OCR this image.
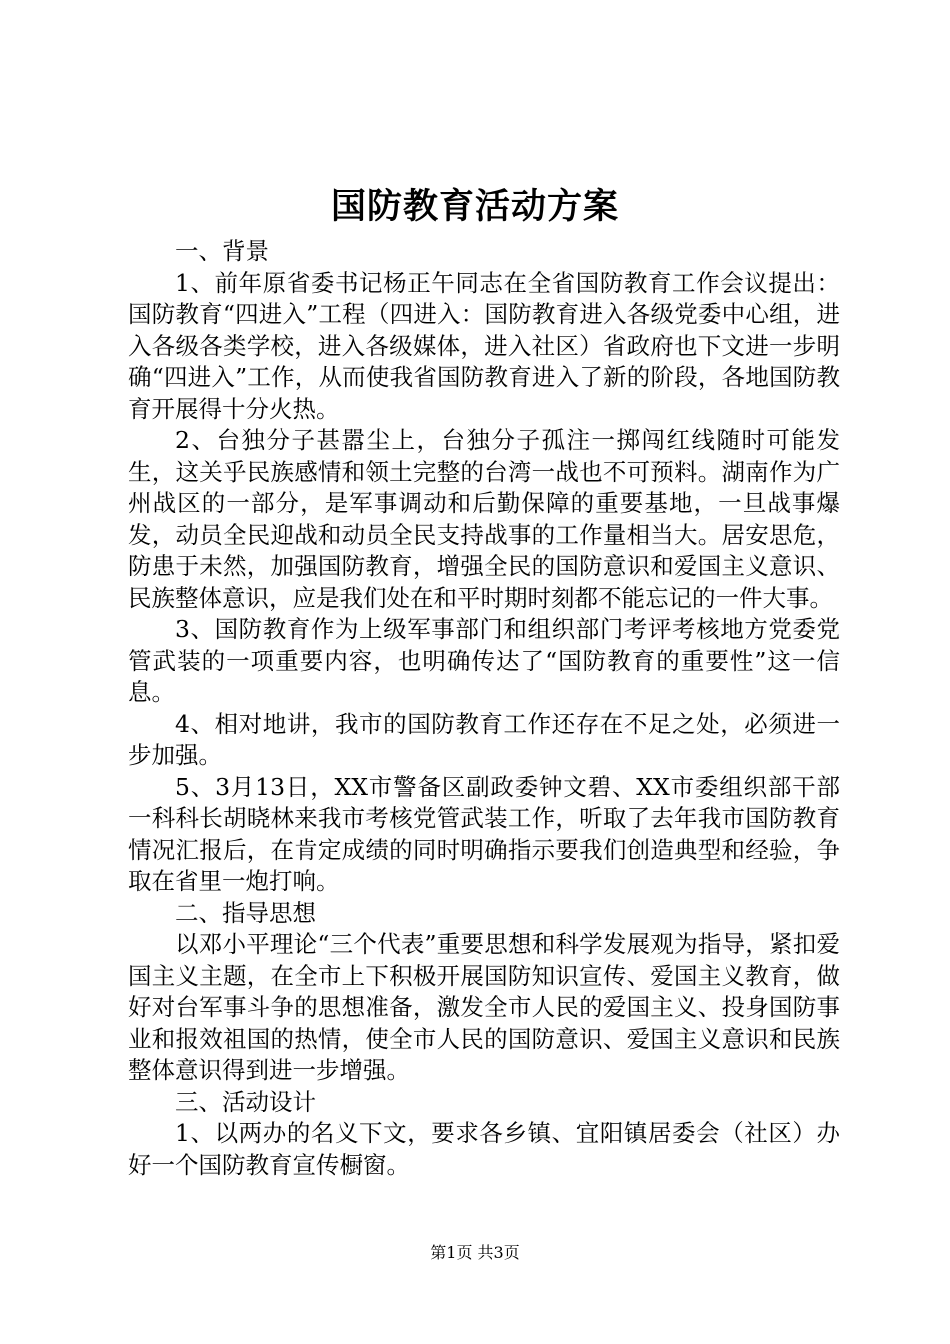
国防教育活动方案

一、背景

1、前年原省委书记杨正午同志在全省国防教育工作会议提出：国防教育“四进入”工程（四进入：国防教育进入各级党委中心组，进入各级各类学校，进入各级媒体，进入社区）省政府也下文进一步明确“四进入”工作，从而使我省国防教育进入了新的阶段，各地国防教育开展得十分火热。

2、台独分子甚嚣尘上，台独分子孤注一掷闯红线随时可能发生，这关乎民族感情和领土完整的台湾一战也不可预料。湖南作为广州战区的一部分，是军事调动和后勤保障的重要基地，一旦战事爆发，动员全民迎战和动员全民支持战事的工作量相当大。居安思危，防患于未然，加强国防教育，增强全民的国防意识和爱国主义意识、民族整体意识，应是我们处在和平时期时刻都不能忘记的一件大事。

3、国防教育作为上级军事部门和组织部门考评考核地方党委党管武装的一项重要内容，也明确传达了“国防教育的重要性”这一信息。

4、相对地讲，我市的国防教育工作还存在不足之处，必须进一步加强。

5、3月13日，XX市警备区副政委钟文碧、XX市委组织部干部一科科长胡晓林来我市考核党管武装工作，听取了去年我市国防教育情况汇报后，在肯定成绩的同时明确指示要我们创造典型和经验，争取在省里一炮打响。

二、指导思想

以邓小平理论“三个代表”重要思想和科学发展观为指导，紧扣爱国主义主题，在全市上下积极开展国防知识宣传、爱国主义教育，做好对台军事斗争的思想准备，激发全市人民的爱国主义、投身国防事业和报效祖国的热情，使全市人民的国防意识、爱国主义意识和民族整体意识得到进一步增强。

三、活动设计

1、以两办的名义下文，要求各乡镇、宜阳镇居委会（社区）办好一个国防教育宣传橱窗。

第1页 共3页
